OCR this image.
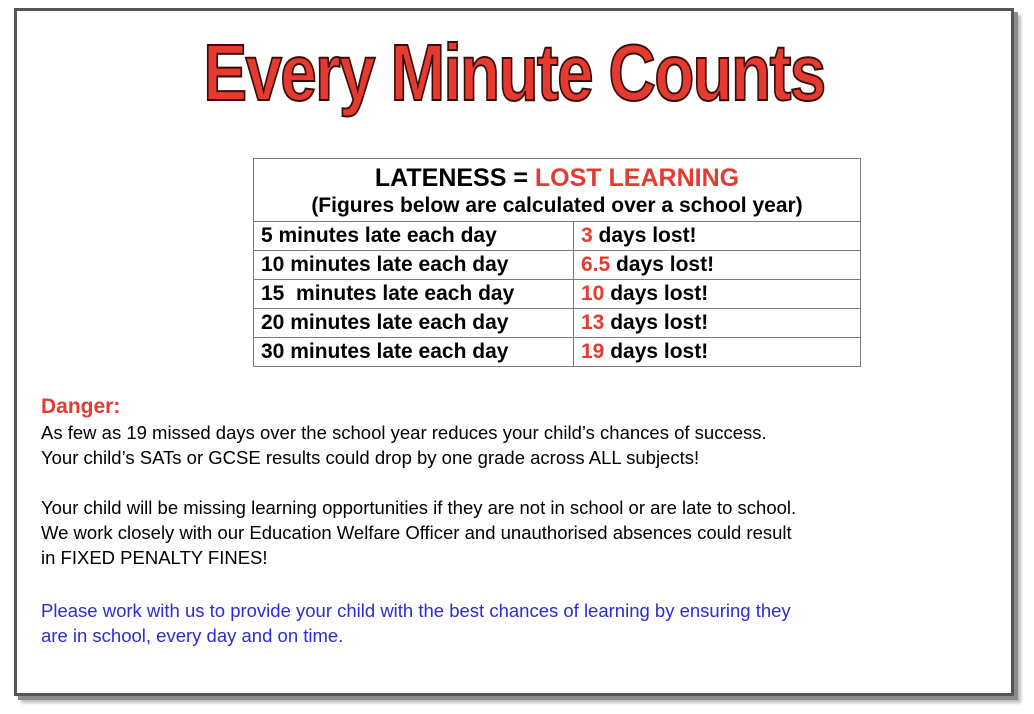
Every Minute Counts
LATENESS = LOST LEARNING
(Figures below are calculated over a school year)	

5 minutes late each day	3 days lost!
10 minutes late each day	6.5 days lost!
15  minutes late each day	10 days lost!
20 minutes late each day	13 days lost!
30 minutes late each day	19 days lost!
Danger:
As few as 19 missed days over the school year reduces your child’s chances of success.
Your child’s SATs or GCSE results could drop by one grade across ALL subjects!
Your child will be missing learning opportunities if they are not in school or are late to school.
We work closely with our Education Welfare Officer and unauthorised absences could result
in FIXED PENALTY FINES!
Please work with us to provide your child with the best chances of learning by ensuring they
are in school, every day and on time.
